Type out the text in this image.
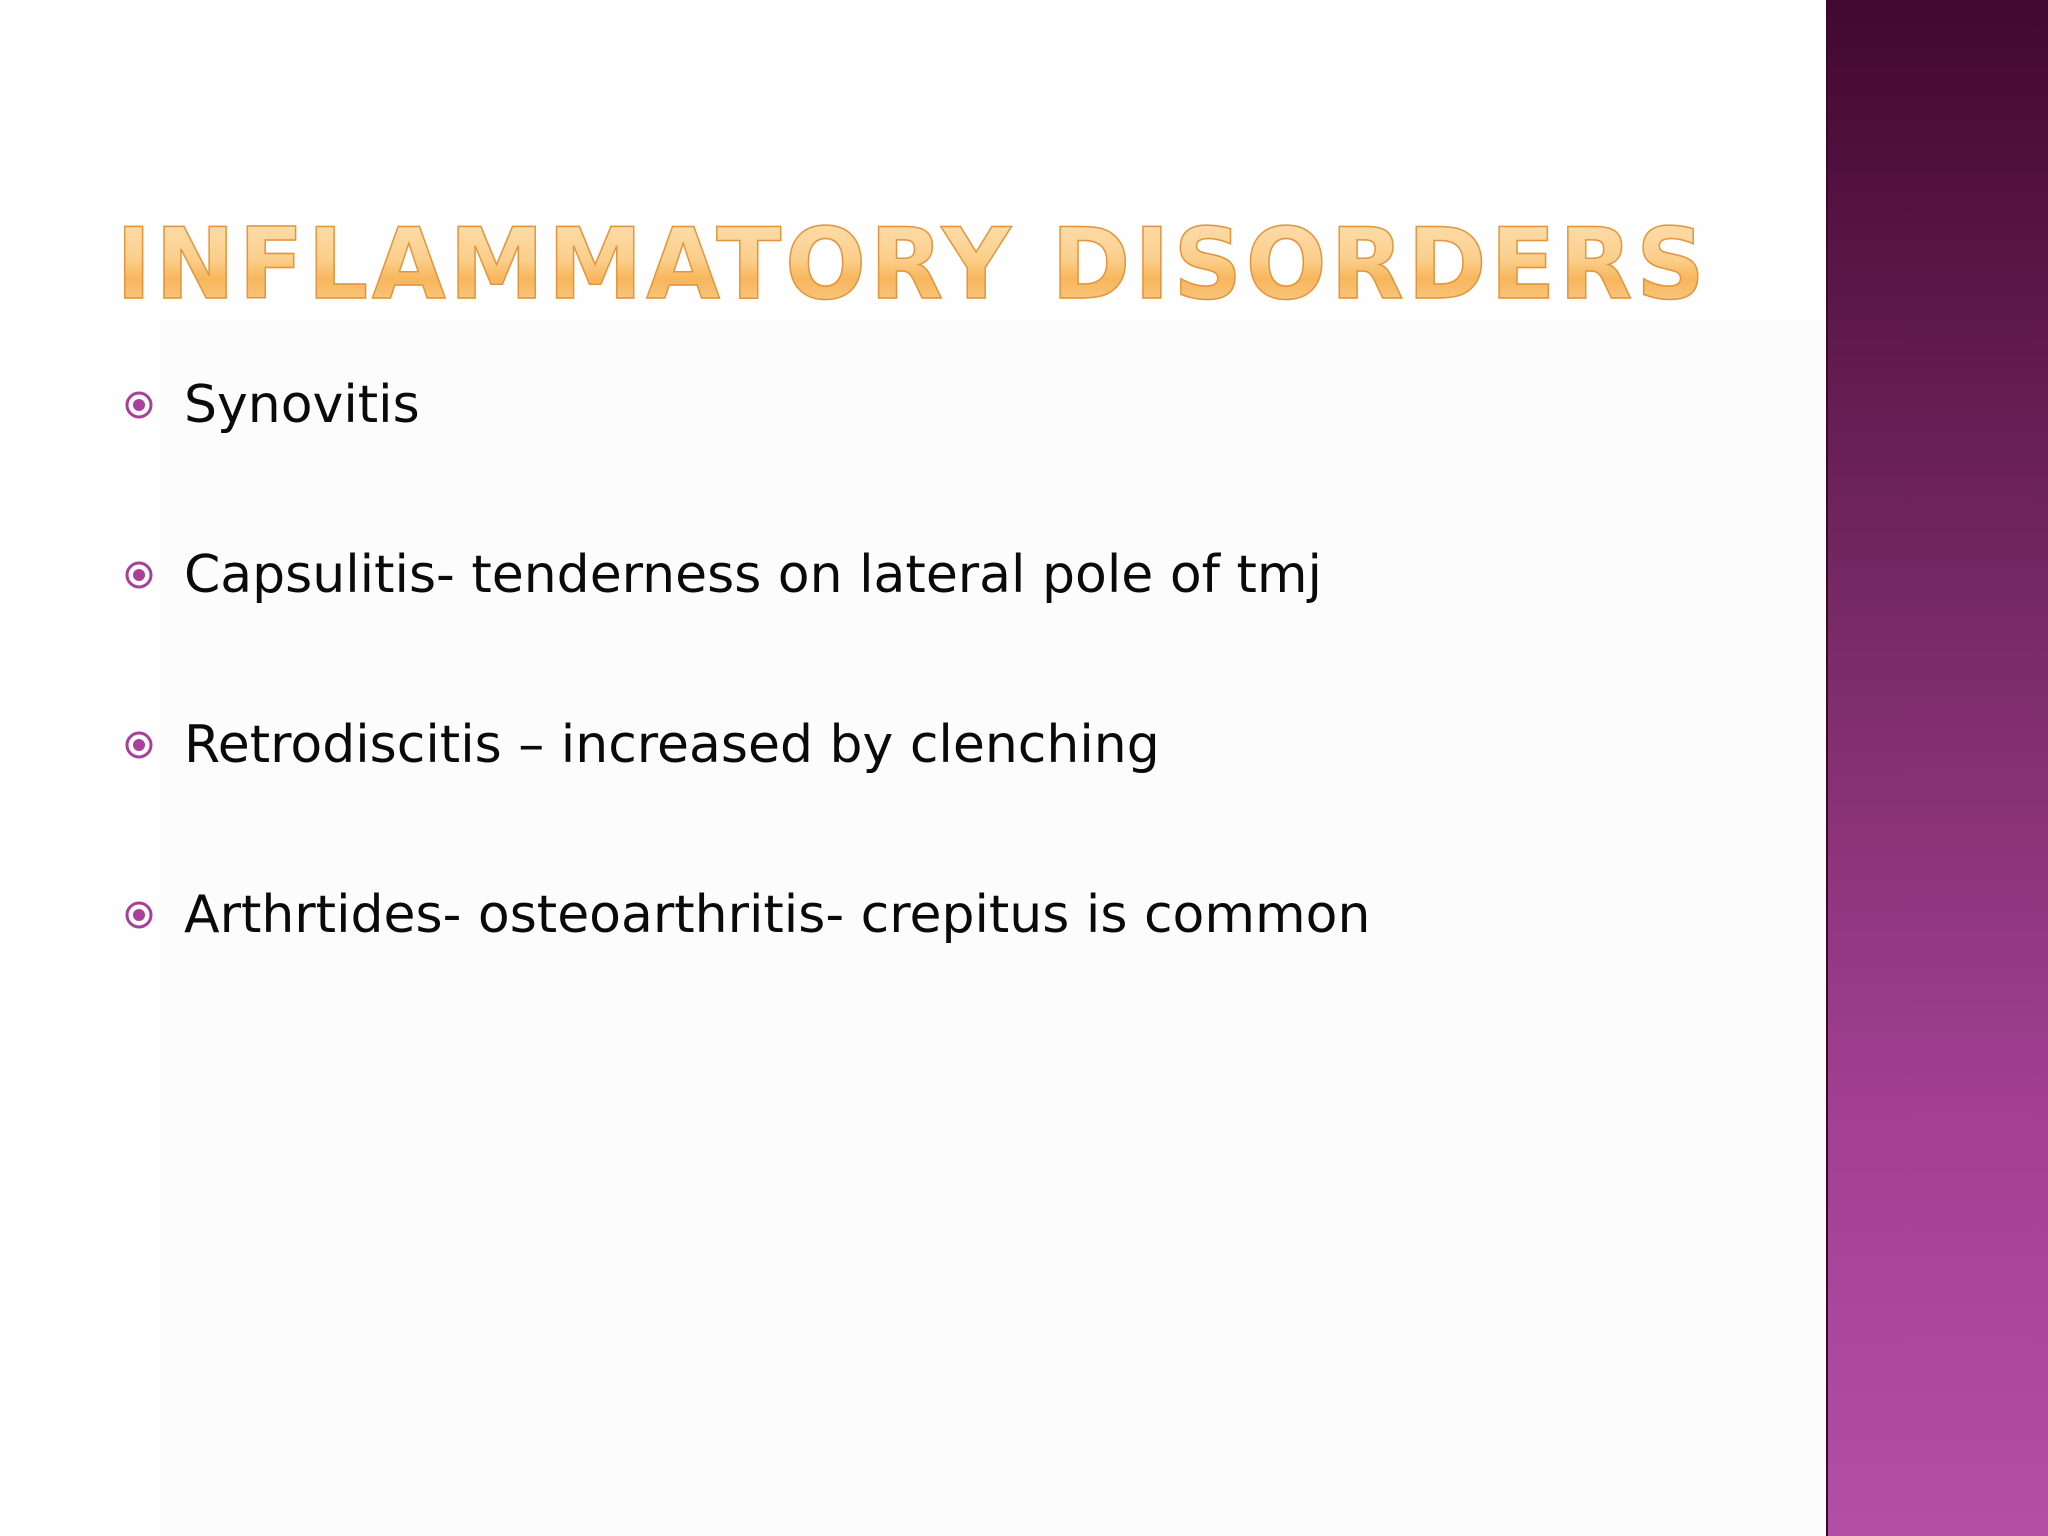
INFLAMMATORY DISORDERS
Synovitis
Capsulitis- tenderness on lateral pole of tmj
Retrodiscitis – increased by clenching
Arthrtides- osteoarthritis- crepitus is common
